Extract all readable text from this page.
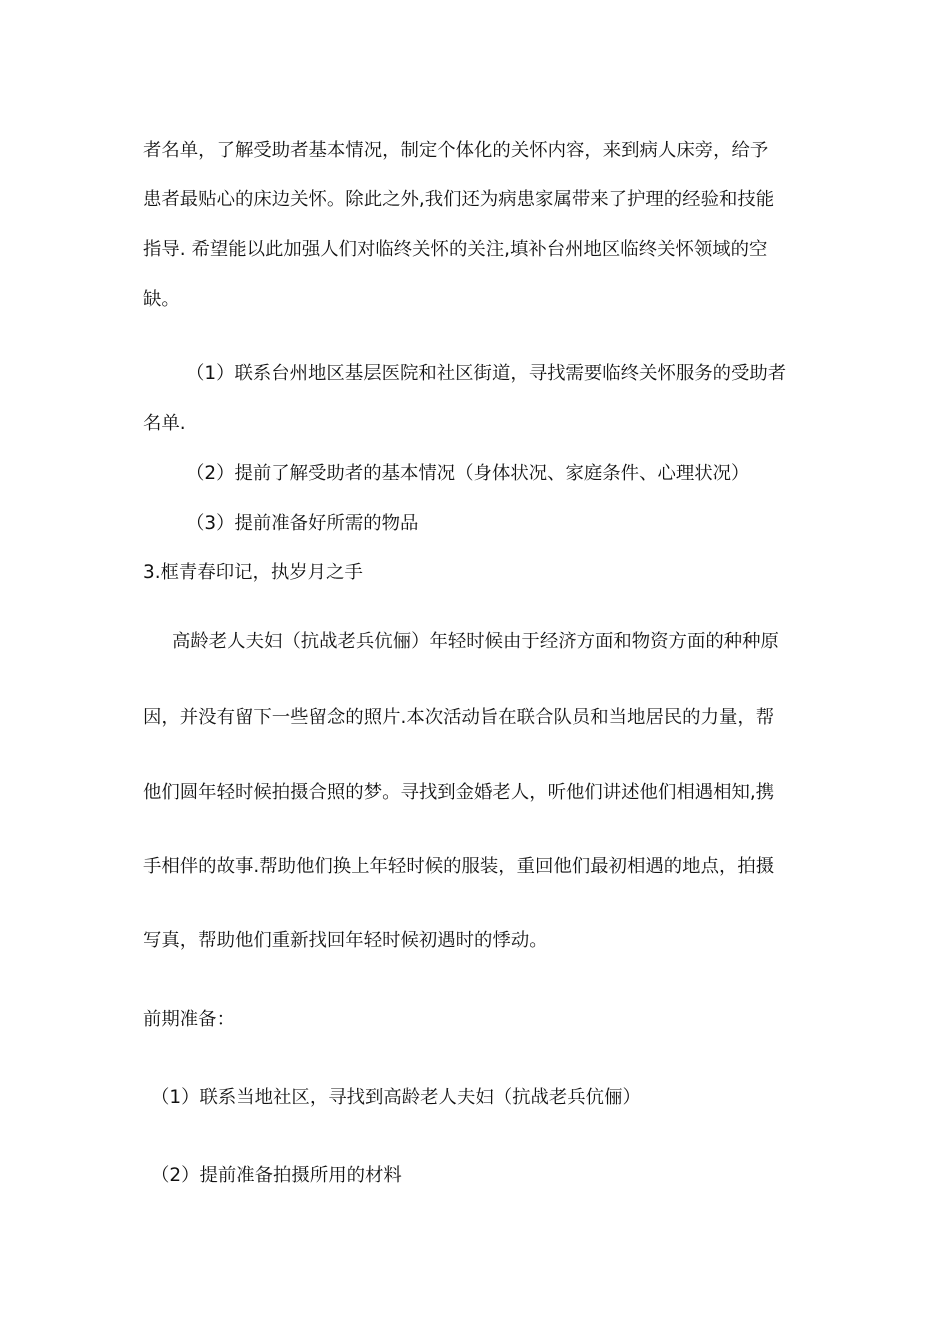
者名单，了解受助者基本情况，制定个体化的关怀内容，来到病人床旁，给予
患者最贴心的床边关怀。除此之外,我们还为病患家属带来了护理的经验和技能
指导. 希望能以此加强人们对临终关怀的关注,填补台州地区临终关怀领域的空
缺。
（1）联系台州地区基层医院和社区街道，寻找需要临终关怀服务的受助者
名单.
（2）提前了解受助者的基本情况（身体状况、家庭条件、心理状况）
（3）提前准备好所需的物品
3.框青春印记，执岁月之手
高龄老人夫妇（抗战老兵伉俪）年轻时候由于经济方面和物资方面的种种原
因，并没有留下一些留念的照片.本次活动旨在联合队员和当地居民的力量，帮
他们圆年轻时候拍摄合照的梦。寻找到金婚老人，听他们讲述他们相遇相知,携
手相伴的故事.帮助他们换上年轻时候的服装，重回他们最初相遇的地点，拍摄
写真，帮助他们重新找回年轻时候初遇时的悸动。
前期准备：
（1）联系当地社区，寻找到高龄老人夫妇（抗战老兵伉俪）
（2）提前准备拍摄所用的材料
